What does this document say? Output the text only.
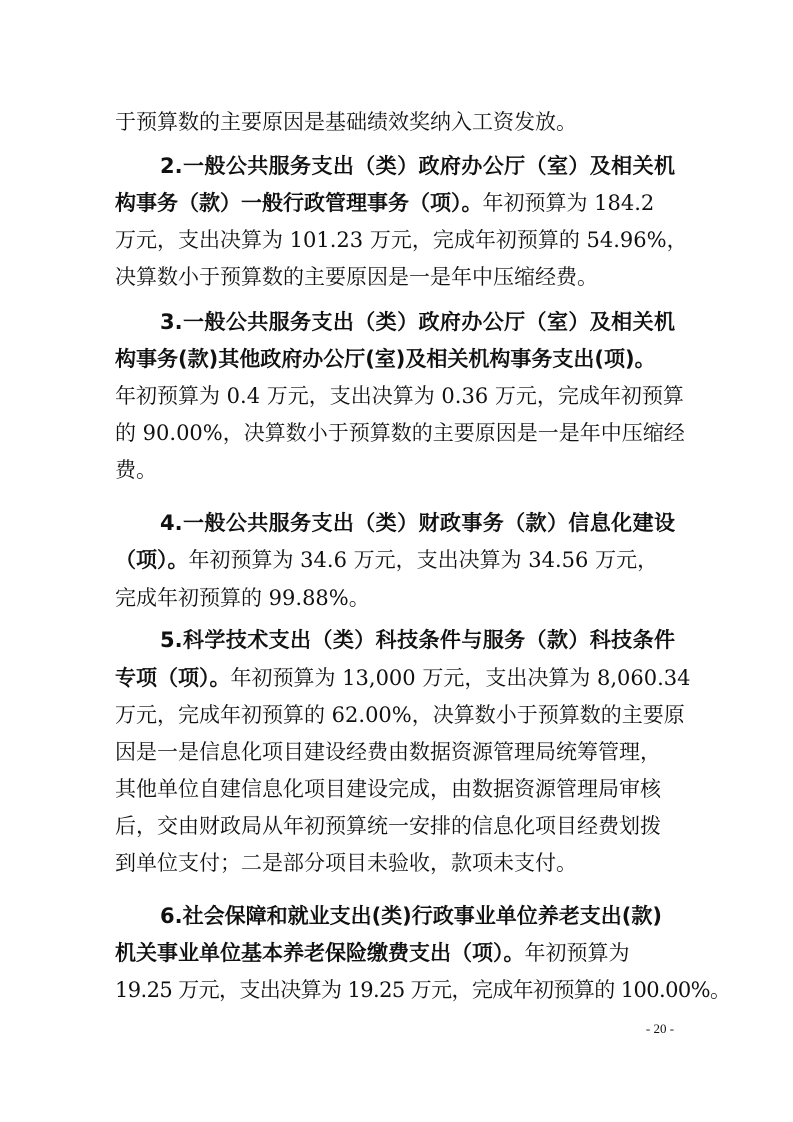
于预算数的主要原因是基础绩效奖纳入工资发放。
2.一般公共服务支出（类）政府办公厅（室）及相关机
构事务（款）一般行政管理事务（项）。年初预算为 184.2
万元，支出决算为 101.23 万元，完成年初预算的 54.96%，
决算数小于预算数的主要原因是一是年中压缩经费。
3.一般公共服务支出（类）政府办公厅（室）及相关机
构事务(款)其他政府办公厅(室)及相关机构事务支出(项)。
年初预算为 0.4 万元，支出决算为 0.36 万元，完成年初预算
的 90.00%，决算数小于预算数的主要原因是一是年中压缩经
费。
4.一般公共服务支出（类）财政事务（款）信息化建设
（项）。年初预算为 34.6 万元，支出决算为 34.56 万元，
完成年初预算的 99.88%。
5.科学技术支出（类）科技条件与服务（款）科技条件
专项（项）。年初预算为 13,000 万元，支出决算为 8,060.34
万元，完成年初预算的 62.00%，决算数小于预算数的主要原
因是一是信息化项目建设经费由数据资源管理局统筹管理，
其他单位自建信息化项目建设完成，由数据资源管理局审核
后，交由财政局从年初预算统一安排的信息化项目经费划拨
到单位支付；二是部分项目未验收，款项未支付。
6.社会保障和就业支出(类)行政事业单位养老支出(款)
机关事业单位基本养老保险缴费支出（项）。年初预算为
19.25 万元，支出决算为 19.25 万元，完成年初预算的 100.00%。
- 20 -
